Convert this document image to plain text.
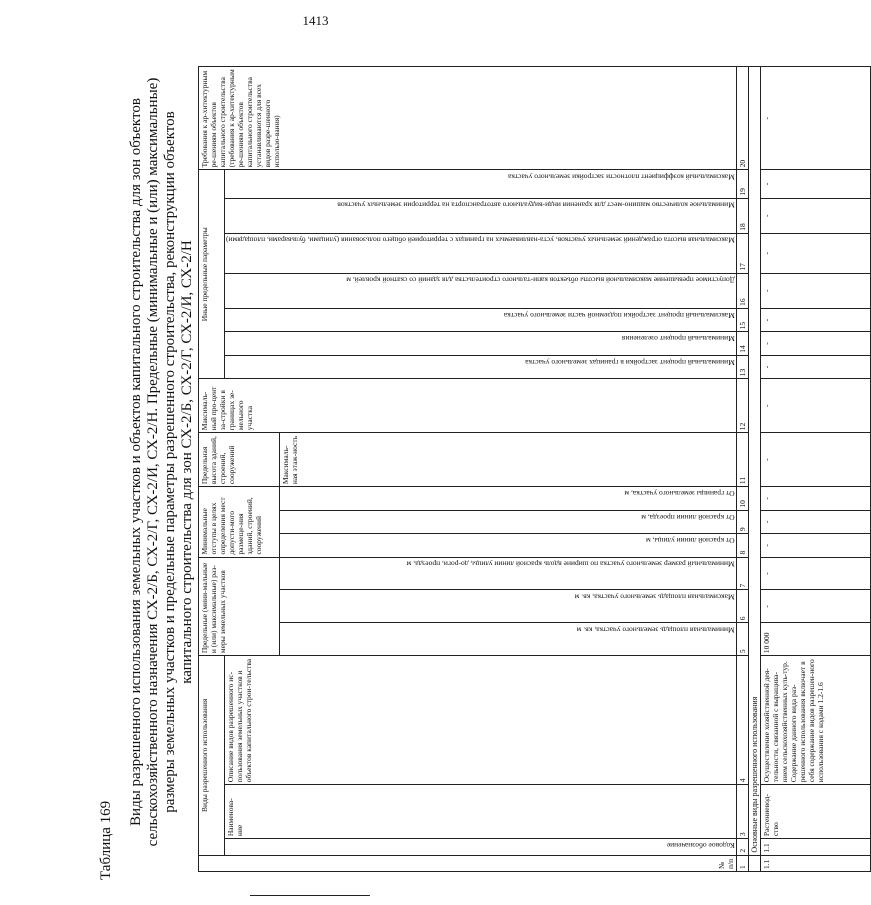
1413
Таблица 169
Виды разрешенного использования земельных участков и объектов капитального строительства для зон объектов сельскохозяйственного назначения СХ-2/Б, СХ-2/Г, СХ-2/И, СХ-2/Н. Предельные (минимальные и (или) максимальные) размеры земельных участков и предельные параметры разрешенного строительства, реконструкции объектов капитального строительства для зон СХ-2/Б, СХ-2/Г, СХ-2/И, СХ-2/Н
№ п/п	Виды разрешенного использования			Предельные (мини-мальные и (или) максимальные) раз-меры земельных участков			Минимальные отступы в целях определения мест допусти-мого размеще-ния зданий, строений, сооружений			Предельная высота зданий, строений, сооружений	Максималь-ный про-цент за-стройки в границах зе-мельного участка	Иные предельные параметры							Требования к ар-хитектурным ре-шениям объектов капитального строительства (требования к ар-хитектурным ре-шениям объектов капитального строительства устанавливаются для всех видов разре-шенного использо-вания)
	Кодовое обозначение	Наименова-ние	Описание видов разрешенного ис-пользования земельных участков и объектов капитального строи-тельства									Минимальный процент застройки в границах земельного участка	Минимальный процент озеленения	Максимальный процент застройки подземной части земельного участка	Допустимое превышение максимальной высоты объектов капи-тального строительства для зданий со скатной кровлей, м	Максимальная высота ограждений земельных участков, уста-навливаемых на границах с территорией общего пользования (улицами, бульварами, площадями)	Минимальное количество машино-мест для хранения инди-видуального автотранспорта на территории земельных участков	Максимальный коэффициент плотности застройки земельного участка	
				Минимальная площадь земельного участка, кв. м	Максимальная площадь земельного участка, кв. м	Минимальный размер земельного участка по ширине вдоль красной линии улицы, до-роги, проезда, м	От красной линии улицы, м	От красной линии проезда, м	От границы земельного участка, м	Максималь-ная этаж-ность									
1	2	3	4	5	6	7	8	9	10	11	12	13	14	15	16	17	18	19	20
	Основные виды разрешенного использования																		
1.1	1.1	Растениевод-ство	Осуществление хозяйственной дея-тельности, связанной с выращива-нием сельскохозяйственных куль-тур. Содержание данного вида раз-решенного использования включает в себя содержание видов разрешен-ного использования с кодами 1.2-1.6	10 000	-	-	-	-	-	-	-	-	-	-	-	-	-	-	-
